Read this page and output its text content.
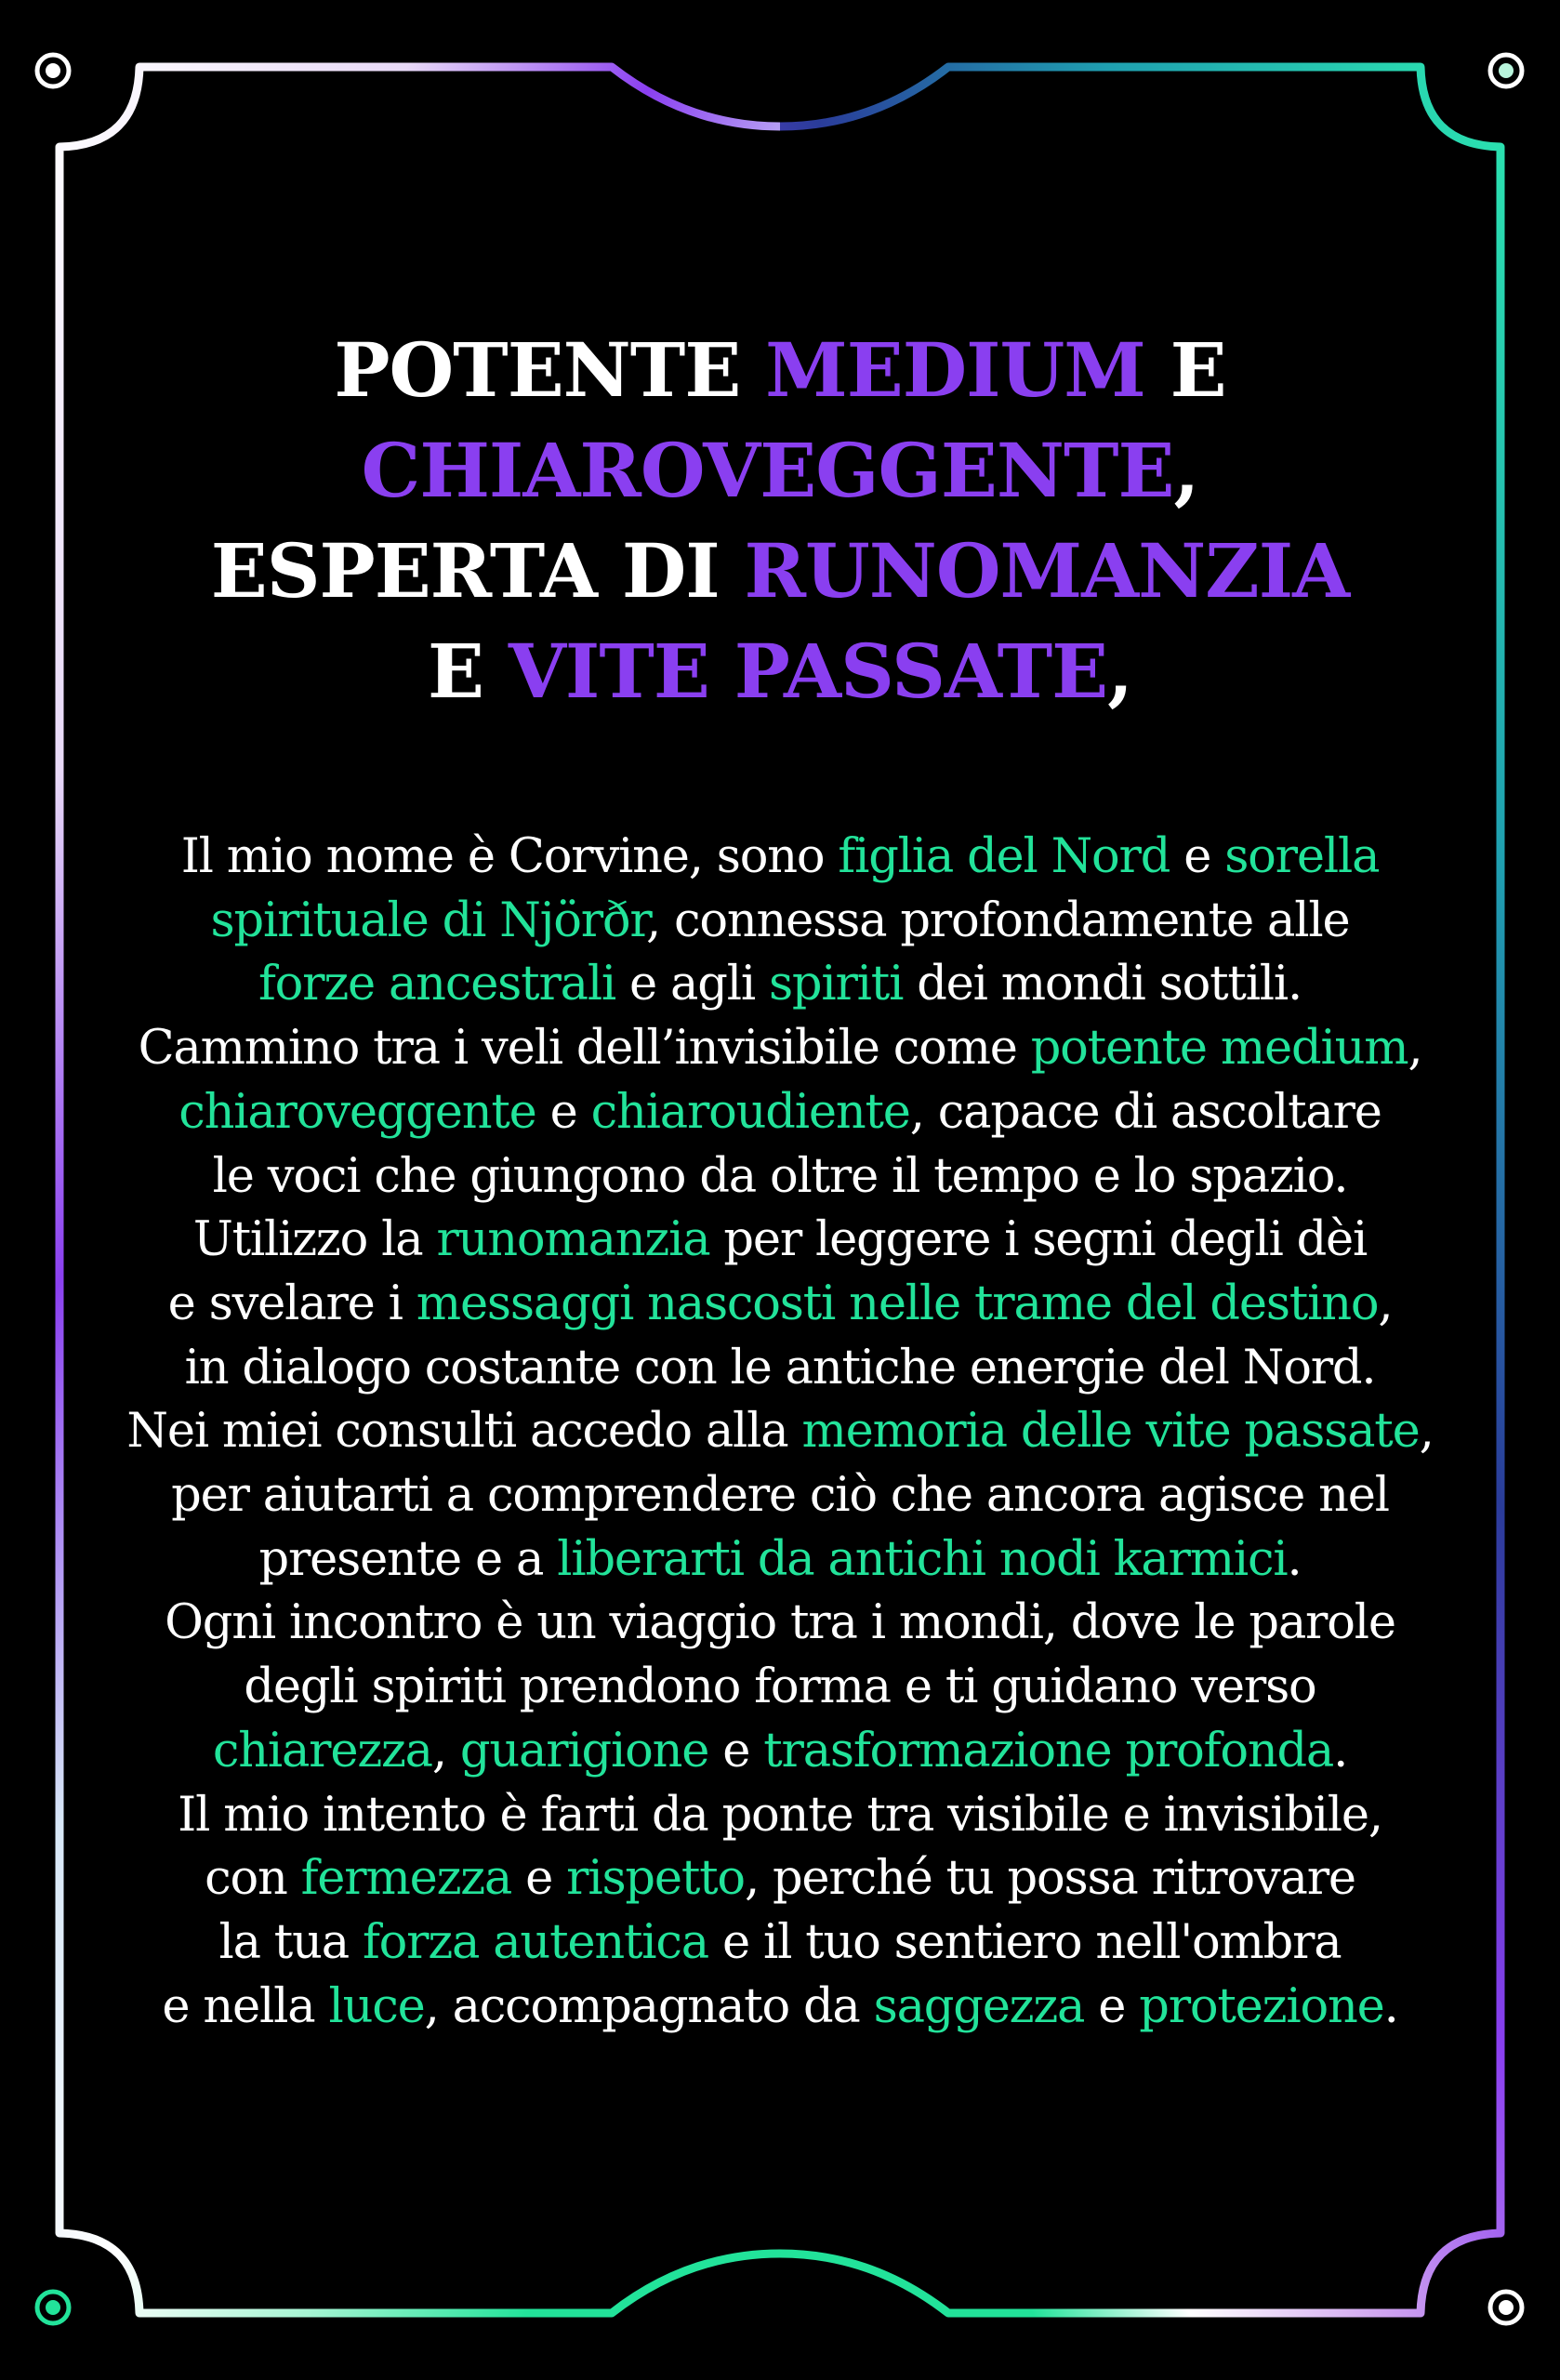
POTENTE MEDIUM E
CHIAROVEGGENTE,
ESPERTA DI RUNOMANZIA
E VITE PASSATE,
Il mio nome è Corvine, sono figlia del Nord e sorella
spirituale di Njörðr, connessa profondamente alle
forze ancestrali e agli spiriti dei mondi sottili.
Cammino tra i veli dell’invisibile come potente medium,
chiaroveggente e chiaroudiente, capace di ascoltare
le voci che giungono da oltre il tempo e lo spazio.
Utilizzo la runomanzia per leggere i segni degli dèi
e svelare i messaggi nascosti nelle trame del destino,
in dialogo costante con le antiche energie del Nord.
Nei miei consulti accedo alla memoria delle vite passate,
per aiutarti a comprendere ciò che ancora agisce nel
presente e a liberarti da antichi nodi karmici.
Ogni incontro è un viaggio tra i mondi, dove le parole
degli spiriti prendono forma e ti guidano verso
chiarezza, guarigione e trasformazione profonda.
Il mio intento è farti da ponte tra visibile e invisibile,
con fermezza e rispetto, perché tu possa ritrovare
la tua forza autentica e il tuo sentiero nell'ombra
e nella luce, accompagnato da saggezza e protezione.
